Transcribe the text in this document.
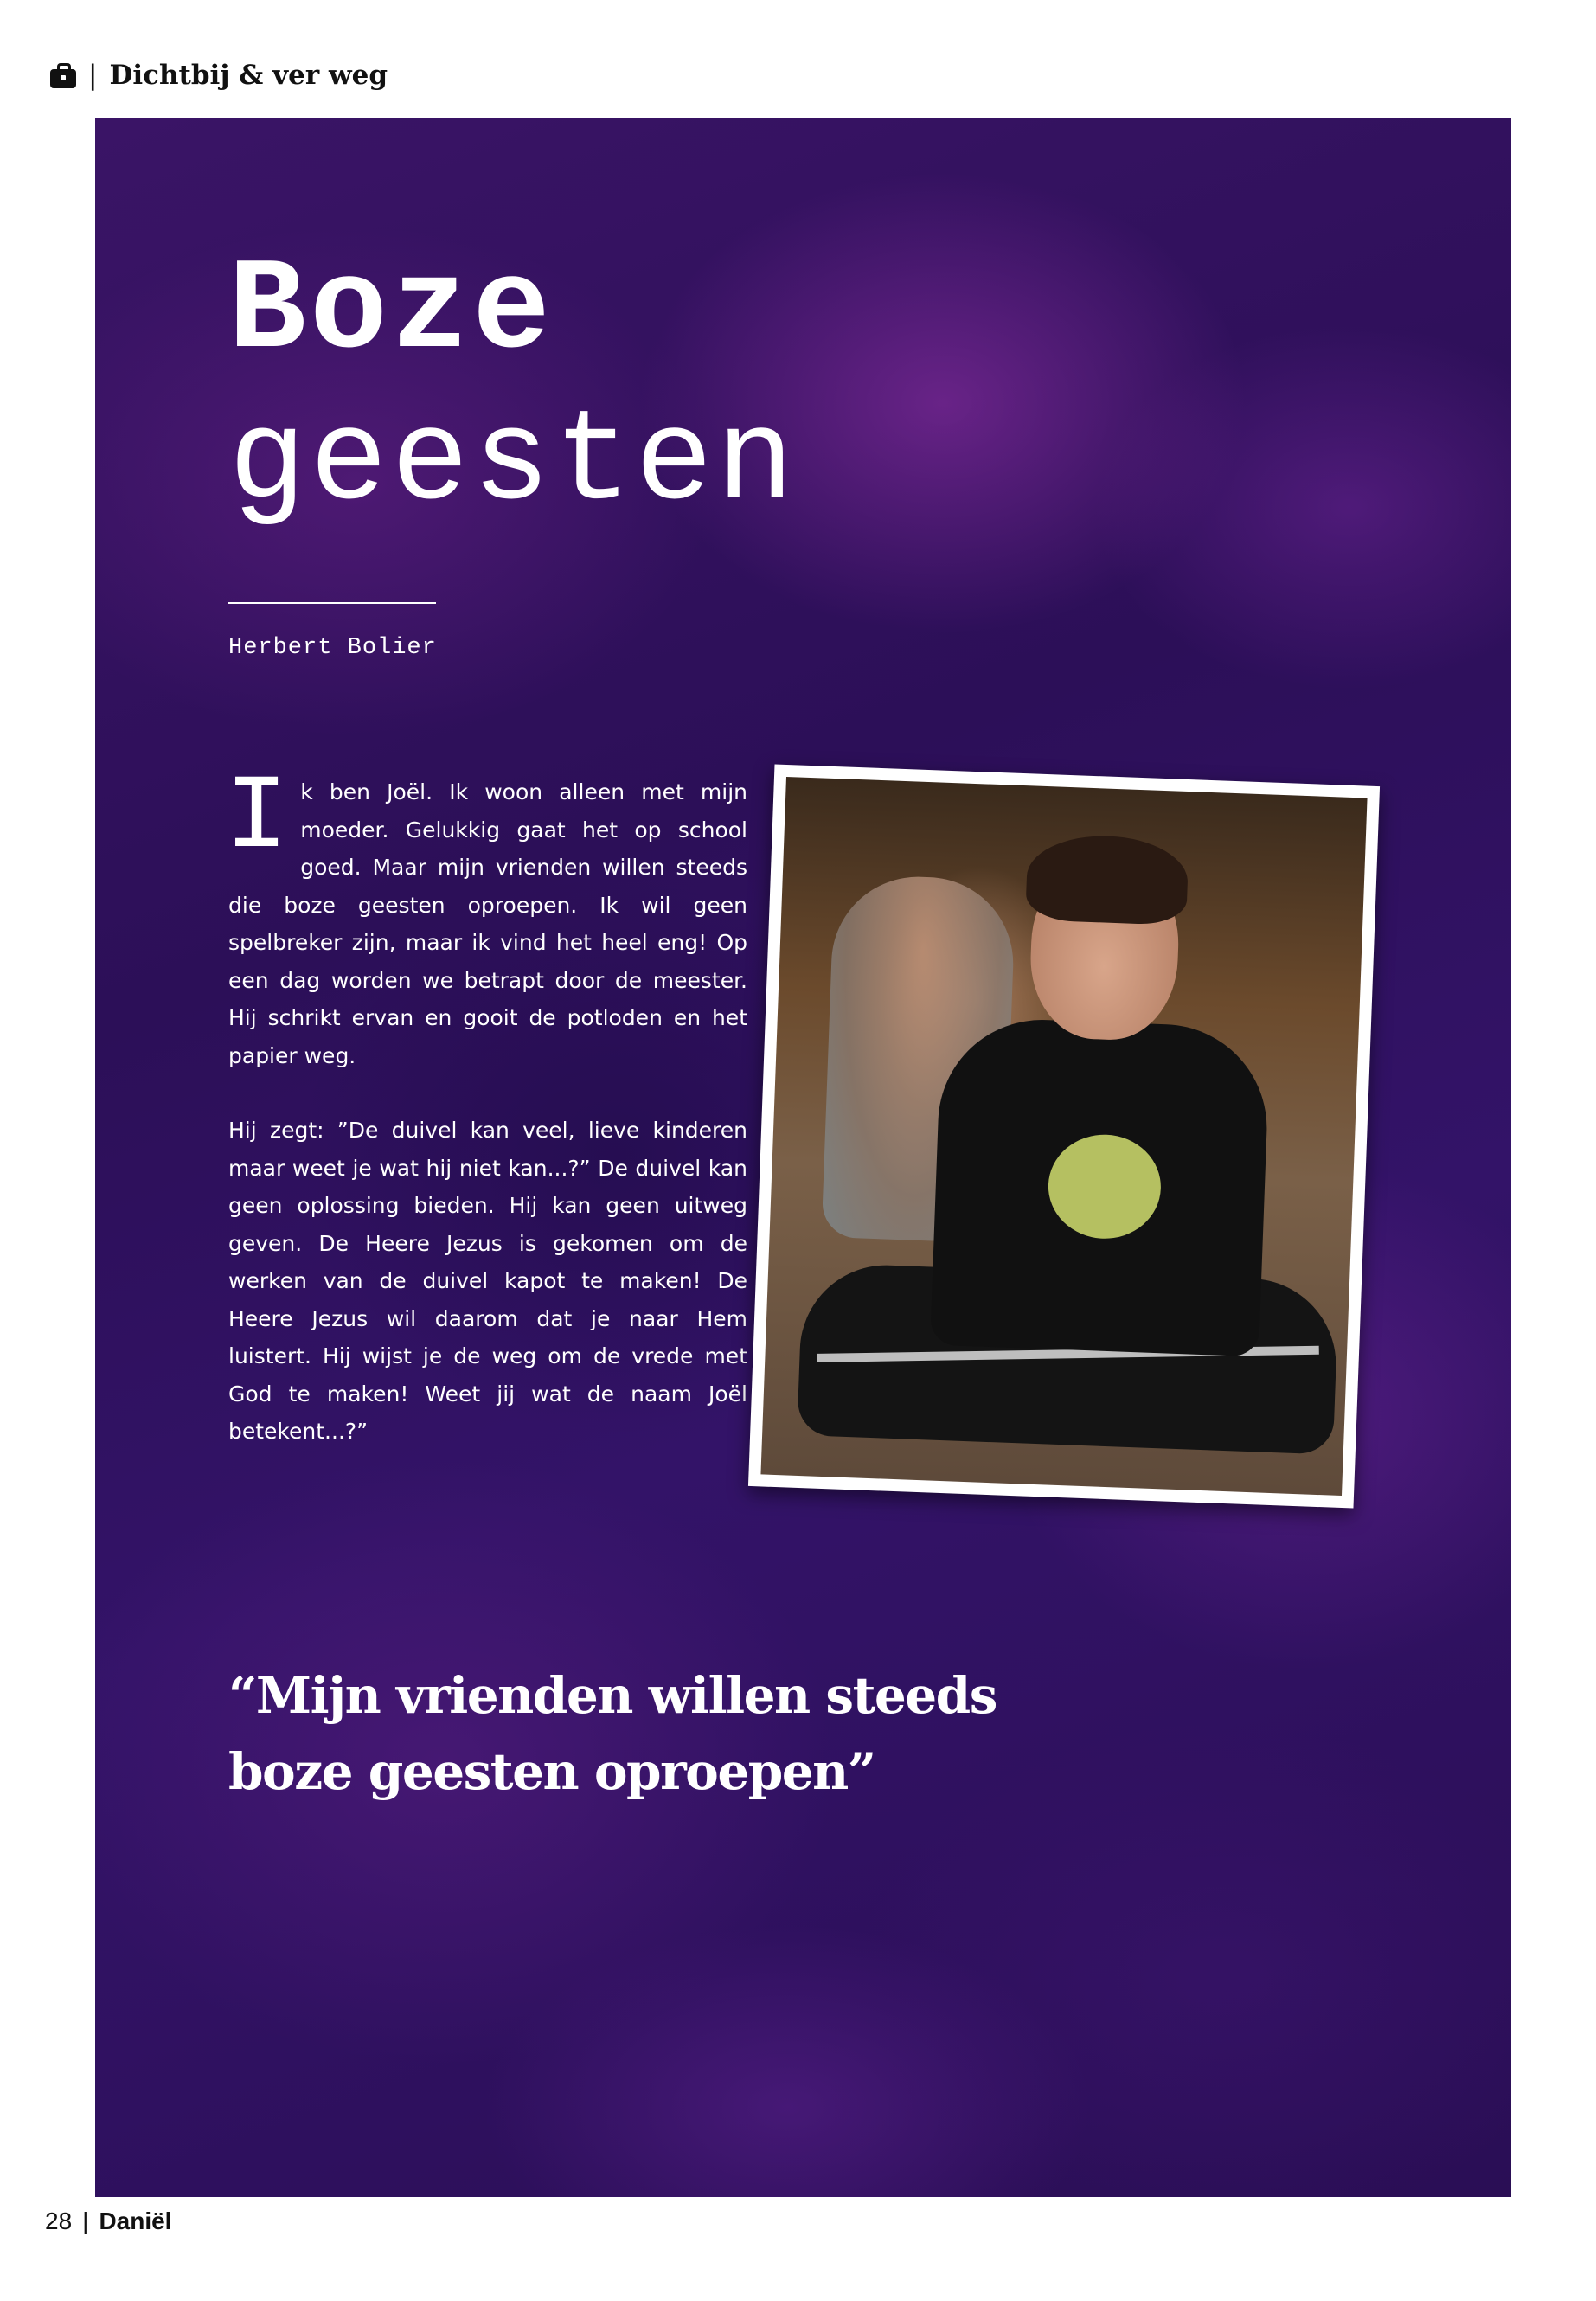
| Dichtbij & ver weg
Boze
geesten
Herbert Bolier

I k ben Joël. Ik woon alleen met mijn moeder. Gelukkig gaat het op school goed. Maar mijn vrienden willen steeds die boze geesten oproepen. Ik wil geen spelbreker zijn, maar ik vind het heel eng! Op een dag worden we betrapt door de meester. Hij schrikt ervan en gooit de potloden en het papier weg.

Hij zegt: ”De duivel kan veel, lieve kinderen maar weet je wat hij niet kan...?” De duivel kan geen oplossing bieden. Hij kan geen uitweg geven. De Heere Jezus is gekomen om de werken van de duivel kapot te maken! De Heere Jezus wil daarom dat je naar Hem luistert. Hij wijst je de weg om de vrede met God te maken! Weet jij wat de naam Joël betekent...?”

“Mijn vrienden willen steeds
boze geesten oproepen”
28 | Daniël
